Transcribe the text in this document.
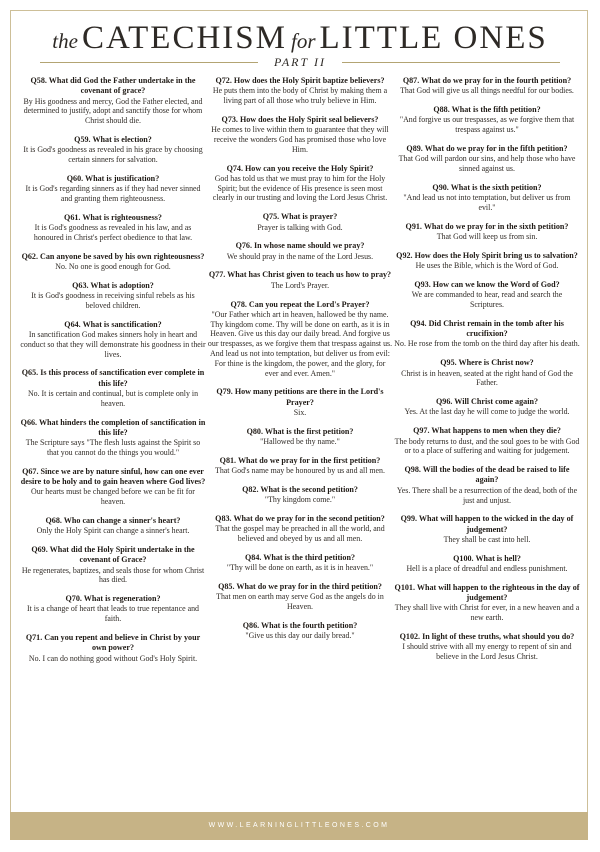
the CATECHISM for LITTLE ONES
PART II
Q58. What did God the Father undertake in the covenant of grace?
By His goodness and mercy, God the Father elected, and determined to justify, adopt and sanctify those for whom Christ should die.
Q59. What is election?
It is God's goodness as revealed in his grace by choosing certain sinners for salvation.
Q60. What is justification?
It is God's regarding sinners as if they had never sinned and granting them righteousness.
Q61. What is righteousness?
It is God's goodness as revealed in his law, and as honoured in Christ's perfect obedience to that law.
Q62. Can anyone be saved by his own righteousness?
No. No one is good enough for God.
Q63. What is adoption?
It is God's goodness in receiving sinful rebels as his beloved children.
Q64. What is sanctification?
In sanctification God makes sinners holy in heart and conduct so that they will demonstrate his goodness in their lives.
Q65. Is this process of sanctification ever complete in this life?
No. It is certain and continual, but is complete only in heaven.
Q66. What hinders the completion of sanctification in this life?
The Scripture says "The flesh lusts against the Spirit so that you cannot do the things you would."
Q67. Since we are by nature sinful, how can one ever desire to be holy and to gain heaven where God lives?
Our hearts must be changed before we can be fit for heaven.
Q68. Who can change a sinner's heart?
Only the Holy Spirit can change a sinner's heart.
Q69. What did the Holy Spirit undertake in the covenant of Grace?
He regenerates, baptizes, and seals those for whom Christ has died.
Q70. What is regeneration?
It is a change of heart that leads to true repentance and faith.
Q71. Can you repent and believe in Christ by your own power?
No. I can do nothing good without God's Holy Spirit.
Q72. How does the Holy Spirit baptize believers?
He puts them into the body of Christ by making them a living part of all those who truly believe in Him.
Q73. How does the Holy Spirit seal believers?
He comes to live within them to guarantee that they will receive the wonders God has promised those who love Him.
Q74. How can you receive the Holy Spirit?
God has told us that we must pray to him for the Holy Spirit; but the evidence of His presence is seen most clearly in our trusting and loving the Lord Jesus Christ.
Q75. What is prayer?
Prayer is talking with God.
Q76. In whose name should we pray?
We should pray in the name of the Lord Jesus.
Q77. What has Christ given to teach us how to pray?
The Lord's Prayer.
Q78. Can you repeat the Lord's Prayer?
"Our Father which art in heaven, hallowed be thy name. Thy kingdom come. Thy will be done on earth, as it is in Heaven. Give us this day our daily bread. And forgive us our trespasses, as we forgive them that trespass against us. And lead us not into temptation, but deliver us from evil: For thine is the kingdom, the power, and the glory, for ever and ever. Amen."
Q79. How many petitions are there in the Lord's Prayer?
Six.
Q80. What is the first petition?
"Hallowed be thy name."
Q81. What do we pray for in the first petition?
That God's name may be honoured by us and all men.
Q82. What is the second petition?
"Thy kingdom come."
Q83. What do we pray for in the second petition?
That the gospel may be preached in all the world, and believed and obeyed by us and all men.
Q84. What is the third petition?
"Thy will be done on earth, as it is in heaven."
Q85. What do we pray for in the third petition?
That men on earth may serve God as the angels do in Heaven.
Q86. What is the fourth petition?
"Give us this day our daily bread."
Q87. What do we pray for in the fourth petition?
That God will give us all things needful for our bodies.
Q88. What is the fifth petition?
"And forgive us our trespasses, as we forgive them that trespass against us."
Q89. What do we pray for in the fifth petition?
That God will pardon our sins, and help those who have sinned against us.
Q90. What is the sixth petition?
"And lead us not into temptation, but deliver us from evil."
Q91. What do we pray for in the sixth petition?
That God will keep us from sin.
Q92. How does the Holy Spirit bring us to salvation?
He uses the Bible, which is the Word of God.
Q93. How can we know the Word of God?
We are commanded to hear, read and search the Scriptures.
Q94. Did Christ remain in the tomb after his crucifixion?
No. He rose from the tomb on the third day after his death.
Q95. Where is Christ now?
Christ is in heaven, seated at the right hand of God the Father.
Q96. Will Christ come again?
Yes. At the last day he will come to judge the world.
Q97. What happens to men when they die?
The body returns to dust, and the soul goes to be with God or to a place of suffering and waiting for judgement.
Q98. Will the bodies of the dead be raised to life again?
Yes. There shall be a resurrection of the dead, both of the just and unjust.
Q99. What will happen to the wicked in the day of judgement?
They shall be cast into hell.
Q100. What is hell?
Hell is a place of dreadful and endless punishment.
Q101. What will happen to the righteous in the day of judgement?
They shall live with Christ for ever, in a new heaven and a new earth.
Q102. In light of these truths, what should you do?
I should strive with all my energy to repent of sin and believe in the Lord Jesus Christ.
WWW.LEARNINGLITTLEONES.COM
